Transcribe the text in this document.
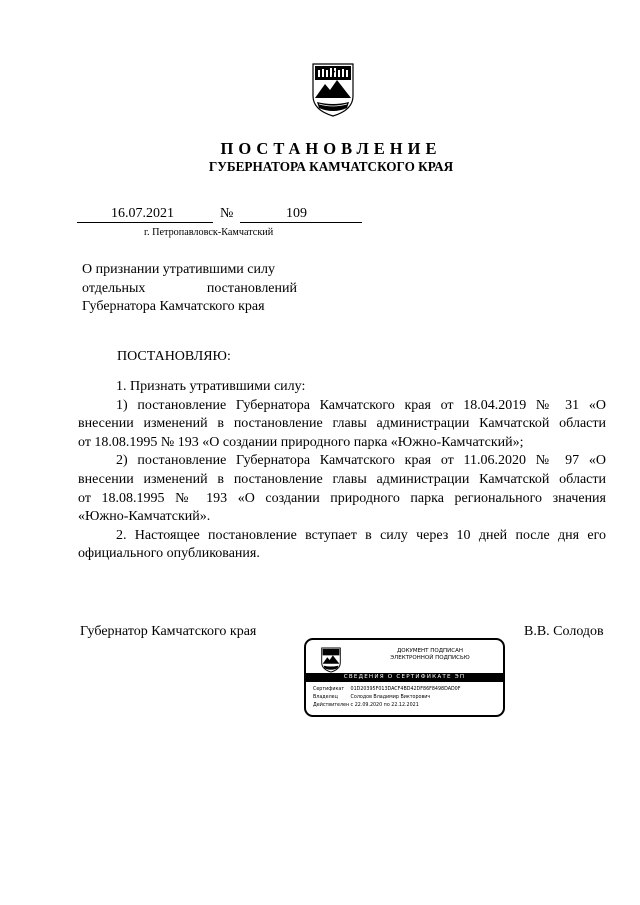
ПОСТАНОВЛЕНИЕ
ГУБЕРНАТОРА КАМЧАТСКОГО КРАЯ
16.07.2021	№	109
г. Петропавловск-Камчатский
О признании утратившими силу
отдельных	постановлений
Губернатора Камчатского края
ПОСТАНОВЛЯЮ:
1. Признать утратившими силу:
1) постановление Губернатора Камчатского края от 18.04.2019 № 31 «О
внесении изменений в постановление главы администрации Камчатской области
от 18.08.1995 № 193 «О создании природного парка «Южно-Камчатский»;
2) постановление Губернатора Камчатского края от 11.06.2020 № 97 «О
внесении изменений в постановление главы администрации Камчатской области
от 18.08.1995 № 193 «О создании природного парка регионального значения
«Южно-Камчатский».
2. Настоящее постановление вступает в силу через 10 дней после дня его
официального опубликования.
Губернатор Камчатского края	В.В. Солодов
ДОКУМЕНТ ПОДПИСАН
ЭЛЕКТРОННОЙ ПОДПИСЬЮ
СВЕДЕНИЯ О СЕРТИФИКАТЕ ЭП
Сертификат 01D20395F013DACF4BD42DF86F8498DAD0F
Владелец	Солодов Владимир Викторович
Действителен с 22.09.2020 по 22.12.2021
